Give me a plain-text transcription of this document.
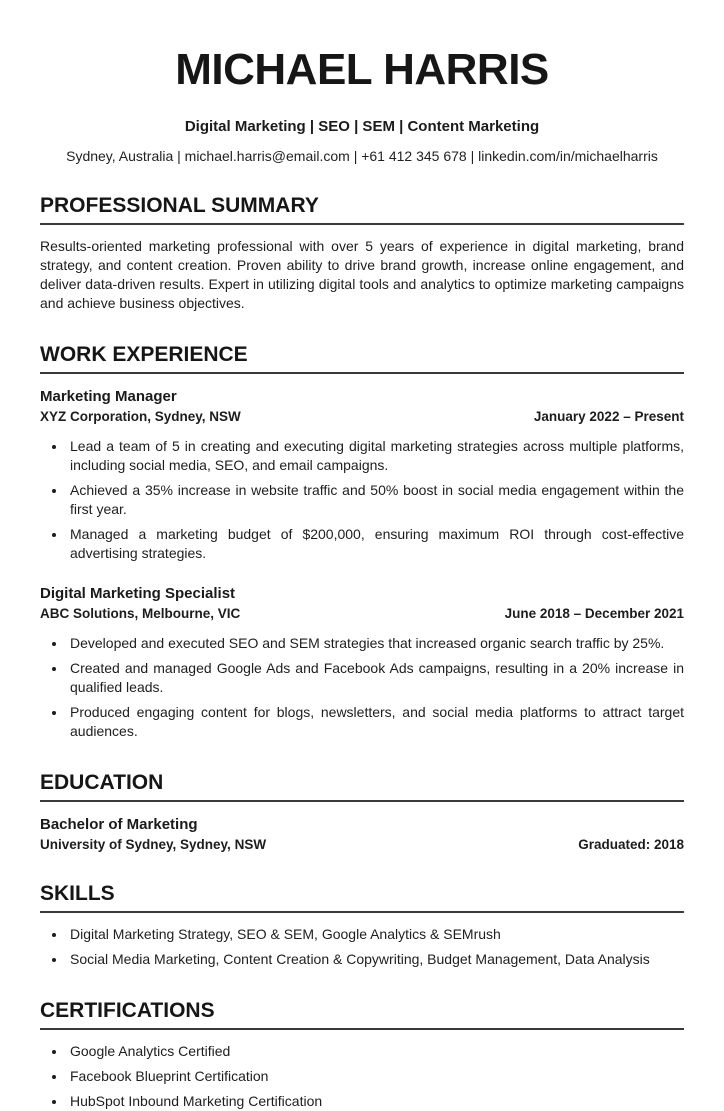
MICHAEL HARRIS
Digital Marketing | SEO | SEM | Content Marketing
Sydney, Australia | michael.harris@email.com | +61 412 345 678 | linkedin.com/in/michaelharris
PROFESSIONAL SUMMARY

Results-oriented marketing professional with over 5 years of experience in digital marketing, brand strategy, and content creation. Proven ability to drive brand growth, increase online engagement, and deliver data-driven results. Expert in utilizing digital tools and analytics to optimize marketing campaigns and achieve business objectives.

WORK EXPERIENCE
Marketing Manager
XYZ Corporation, Sydney, NSW	January 2022 – Present
• Lead a team of 5 in creating and executing digital marketing strategies across multiple platforms, including social media, SEO, and email campaigns.
• Achieved a 35% increase in website traffic and 50% boost in social media engagement within the first year.
• Managed a marketing budget of $200,000, ensuring maximum ROI through cost-effective advertising strategies.
Digital Marketing Specialist
ABC Solutions, Melbourne, VIC	June 2018 – December 2021
• Developed and executed SEO and SEM strategies that increased organic search traffic by 25%.
• Created and managed Google Ads and Facebook Ads campaigns, resulting in a 20% increase in qualified leads.
• Produced engaging content for blogs, newsletters, and social media platforms to attract target audiences.
EDUCATION
Bachelor of Marketing
University of Sydney, Sydney, NSW	Graduated: 2018
SKILLS
• Digital Marketing Strategy, SEO & SEM, Google Analytics & SEMrush
• Social Media Marketing, Content Creation & Copywriting, Budget Management, Data Analysis
CERTIFICATIONS
• Google Analytics Certified
• Facebook Blueprint Certification
• HubSpot Inbound Marketing Certification
